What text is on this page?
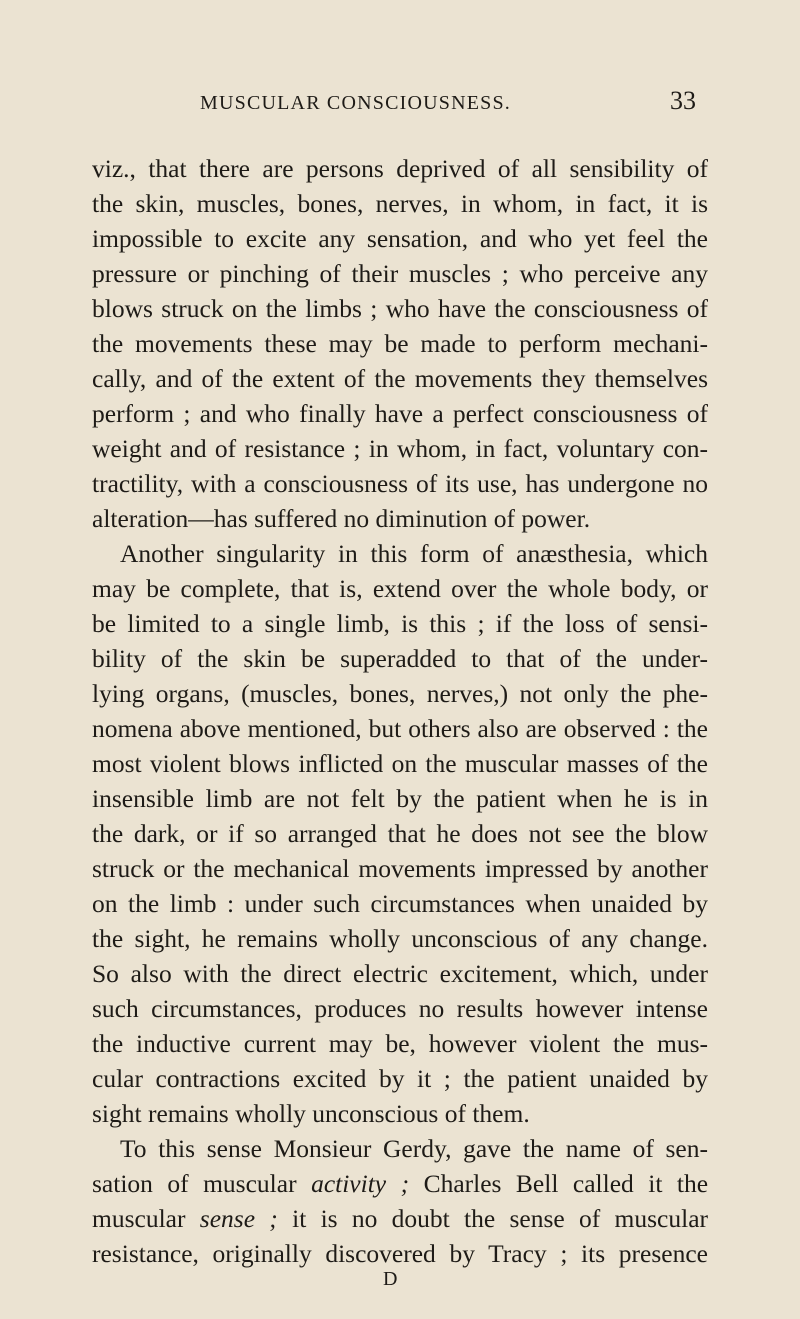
MUSCULAR CONSCIOUSNESS.	33
viz., that there are persons deprived of all sensibility of
the skin, muscles, bones, nerves, in whom, in fact, it is
impossible to excite any sensation, and who yet feel the
pressure or pinching of their muscles ; who perceive any
blows struck on the limbs ; who have the consciousness of
the movements these may be made to perform mechani-
cally, and of the extent of the movements they themselves
perform ; and who finally have a perfect consciousness of
weight and of resistance ; in whom, in fact, voluntary con-
tractility, with a consciousness of its use, has undergone no
alteration—has suffered no diminution of power.
Another singularity in this form of anæsthesia, which
may be complete, that is, extend over the whole body, or
be limited to a single limb, is this ; if the loss of sensi-
bility of the skin be superadded to that of the under-
lying organs, (muscles, bones, nerves,) not only the phe-
nomena above mentioned, but others also are observed : the
most violent blows inflicted on the muscular masses of the
insensible limb are not felt by the patient when he is in
the dark, or if so arranged that he does not see the blow
struck or the mechanical movements impressed by another
on the limb : under such circumstances when unaided by
the sight, he remains wholly unconscious of any change.
So also with the direct electric excitement, which, under
such circumstances, produces no results however intense
the inductive current may be, however violent the mus-
cular contractions excited by it ; the patient unaided by
sight remains wholly unconscious of them.
To this sense Monsieur Gerdy, gave the name of sen-
sation of muscular activity ; Charles Bell called it the
muscular sense ; it is no doubt the sense of muscular
resistance, originally discovered by Tracy ; its presence
D
